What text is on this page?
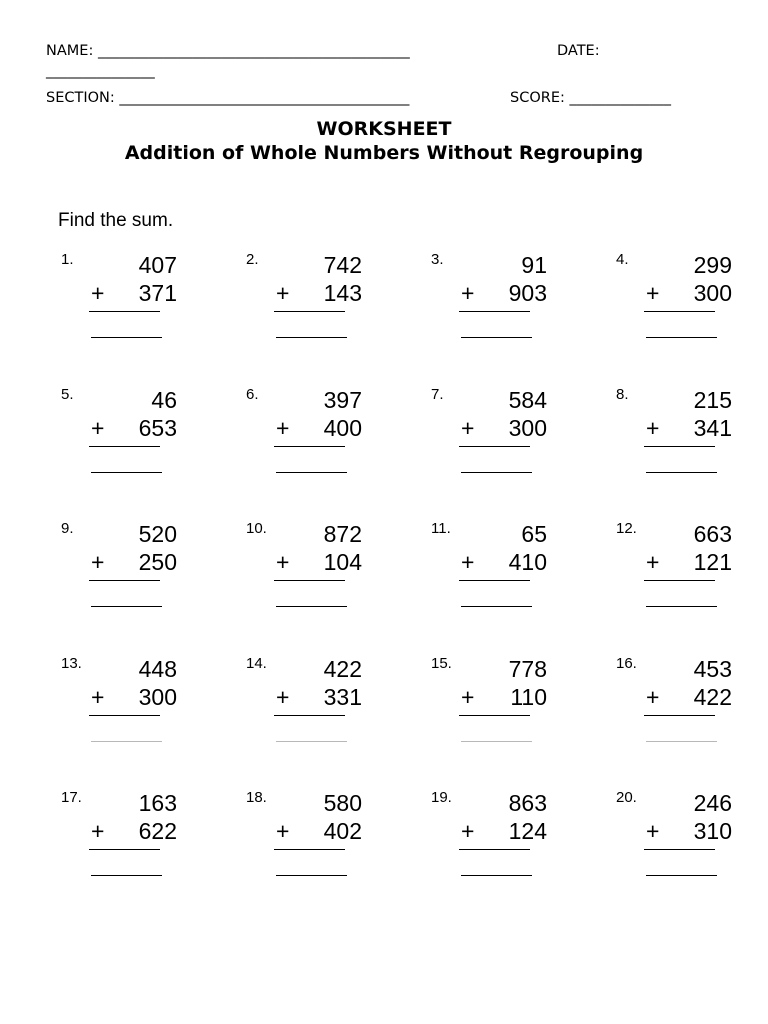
NAME: ___________________________________________	DATE:
_______________
SECTION: ________________________________________	SCORE: ______________
WORKSHEET
Addition of Whole Numbers Without Regrouping
Find the sum.
1.	407
+ 371
2.	742
+ 143
3.	91
+ 903
4.	299
+ 300
5.	46
+ 653
6.	397
+ 400
7.	584
+ 300
8.	215
+ 341
9.	520
+ 250
10. 872
+ 104
11.	65
+ 410
12. 663
+ 121
13. 448
+ 300
14. 422
+ 331
15. 778
+ 110
16. 453
+ 422
17. 163
+ 622
18. 580
+ 402
19. 863
+ 124
20. 246
+ 310
